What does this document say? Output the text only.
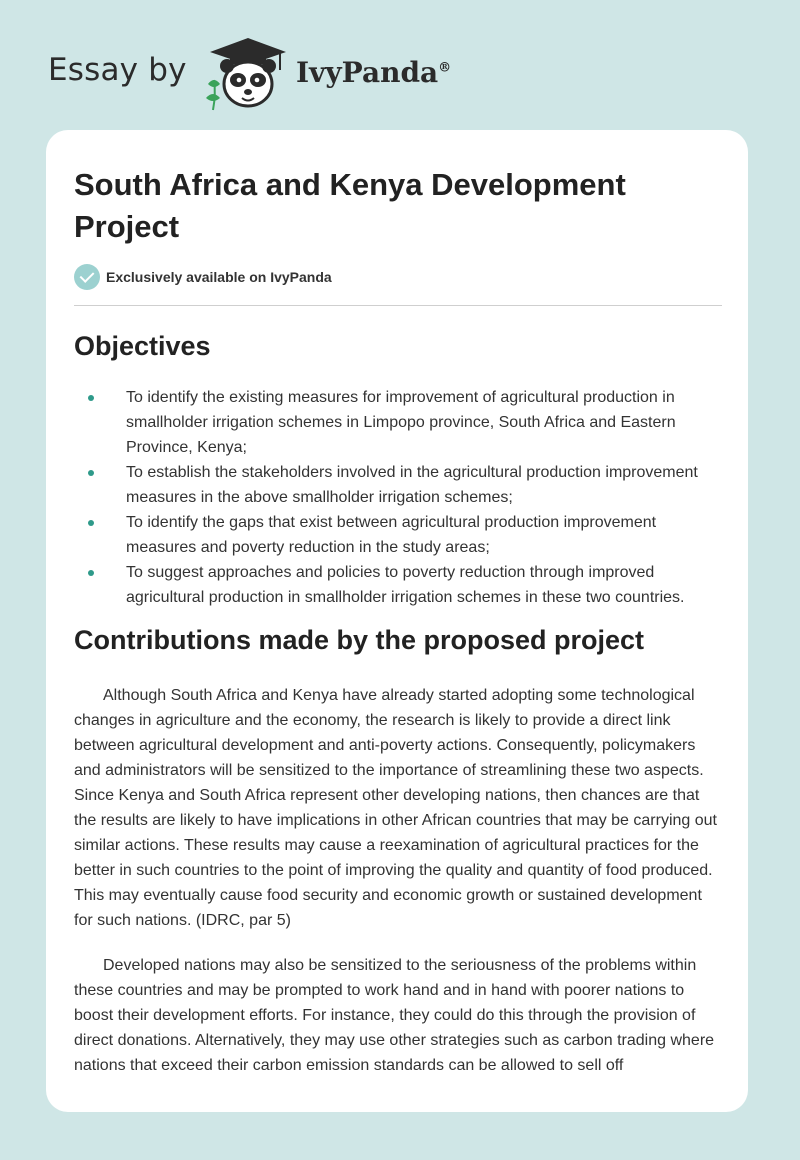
Essay by	IvyPanda®
South Africa and Kenya Development Project
Exclusively available on IvyPanda
Objectives
To identify the existing measures for improvement of agricultural production in smallholder irrigation schemes in Limpopo province, South Africa and Eastern Province, Kenya;
To establish the stakeholders involved in the agricultural production improvement measures in the above smallholder irrigation schemes;
To identify the gaps that exist between agricultural production improvement measures and poverty reduction in the study areas;
To suggest approaches and policies to poverty reduction through improved agricultural production in smallholder irrigation schemes in these two countries.
Contributions made by the proposed project

Although South Africa and Kenya have already started adopting some technological changes in agriculture and the economy, the research is likely to provide a direct link between agricultural development and anti-poverty actions. Consequently, policymakers and administrators will be sensitized to the importance of streamlining these two aspects. Since Kenya and South Africa represent other developing nations, then chances are that the results are likely to have implications in other African countries that may be carrying out similar actions. These results may cause a reexamination of agricultural practices for the better in such countries to the point of improving the quality and quantity of food produced. This may eventually cause food security and economic growth or sustained development for such nations. (IDRC, par 5)

Developed nations may also be sensitized to the seriousness of the problems within these countries and may be prompted to work hand and in hand with poorer nations to boost their development efforts. For instance, they could do this through the provision of direct donations. Alternatively, they may use other strategies such as carbon trading where nations that exceed their carbon emission standards can be allowed to sell off
